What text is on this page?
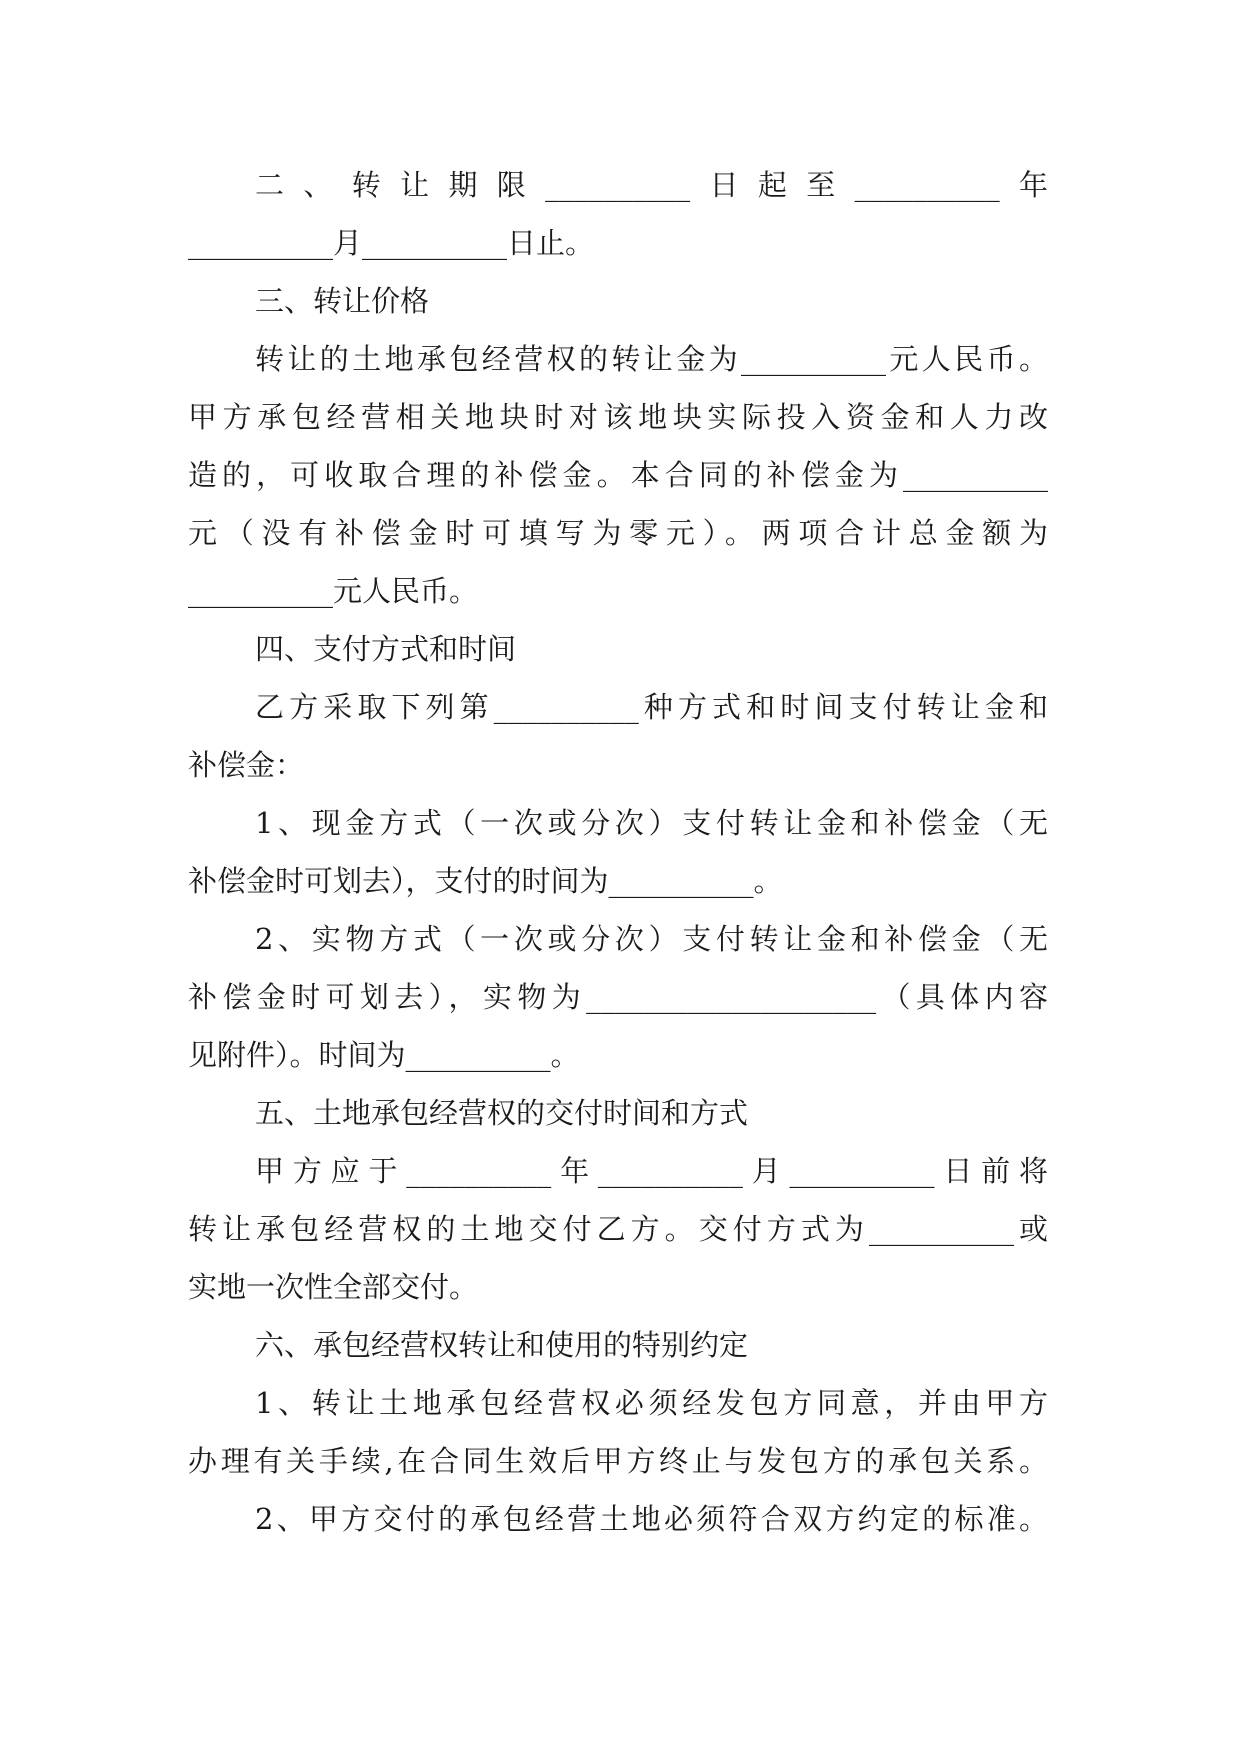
二、转让期限__________日起至__________年
__________月__________日止。
三、转让价格
转让的土地承包经营权的转让金为__________元人民币。
甲方承包经营相关地块时对该地块实际投入资金和人力改
造的，可收取合理的补偿金。本合同的补偿金为__________
元（没有补偿金时可填写为零元）。两项合计总金额为
__________元人民币。
四、支付方式和时间
乙方采取下列第__________种方式和时间支付转让金和
补偿金：
1、现金方式（一次或分次）支付转让金和补偿金（无
补偿金时可划去），支付的时间为__________。
2、实物方式（一次或分次）支付转让金和补偿金（无
补偿金时可划去），实物为____________________（具体内容
见附件）。时间为__________。
五、土地承包经营权的交付时间和方式
甲方应于__________年__________月__________日前将
转让承包经营权的土地交付乙方。交付方式为__________或
实地一次性全部交付。
六、承包经营权转让和使用的特别约定
1、转让土地承包经营权必须经发包方同意，并由甲方
办理有关手续,在合同生效后甲方终止与发包方的承包关系。
2、甲方交付的承包经营土地必须符合双方约定的标准。
